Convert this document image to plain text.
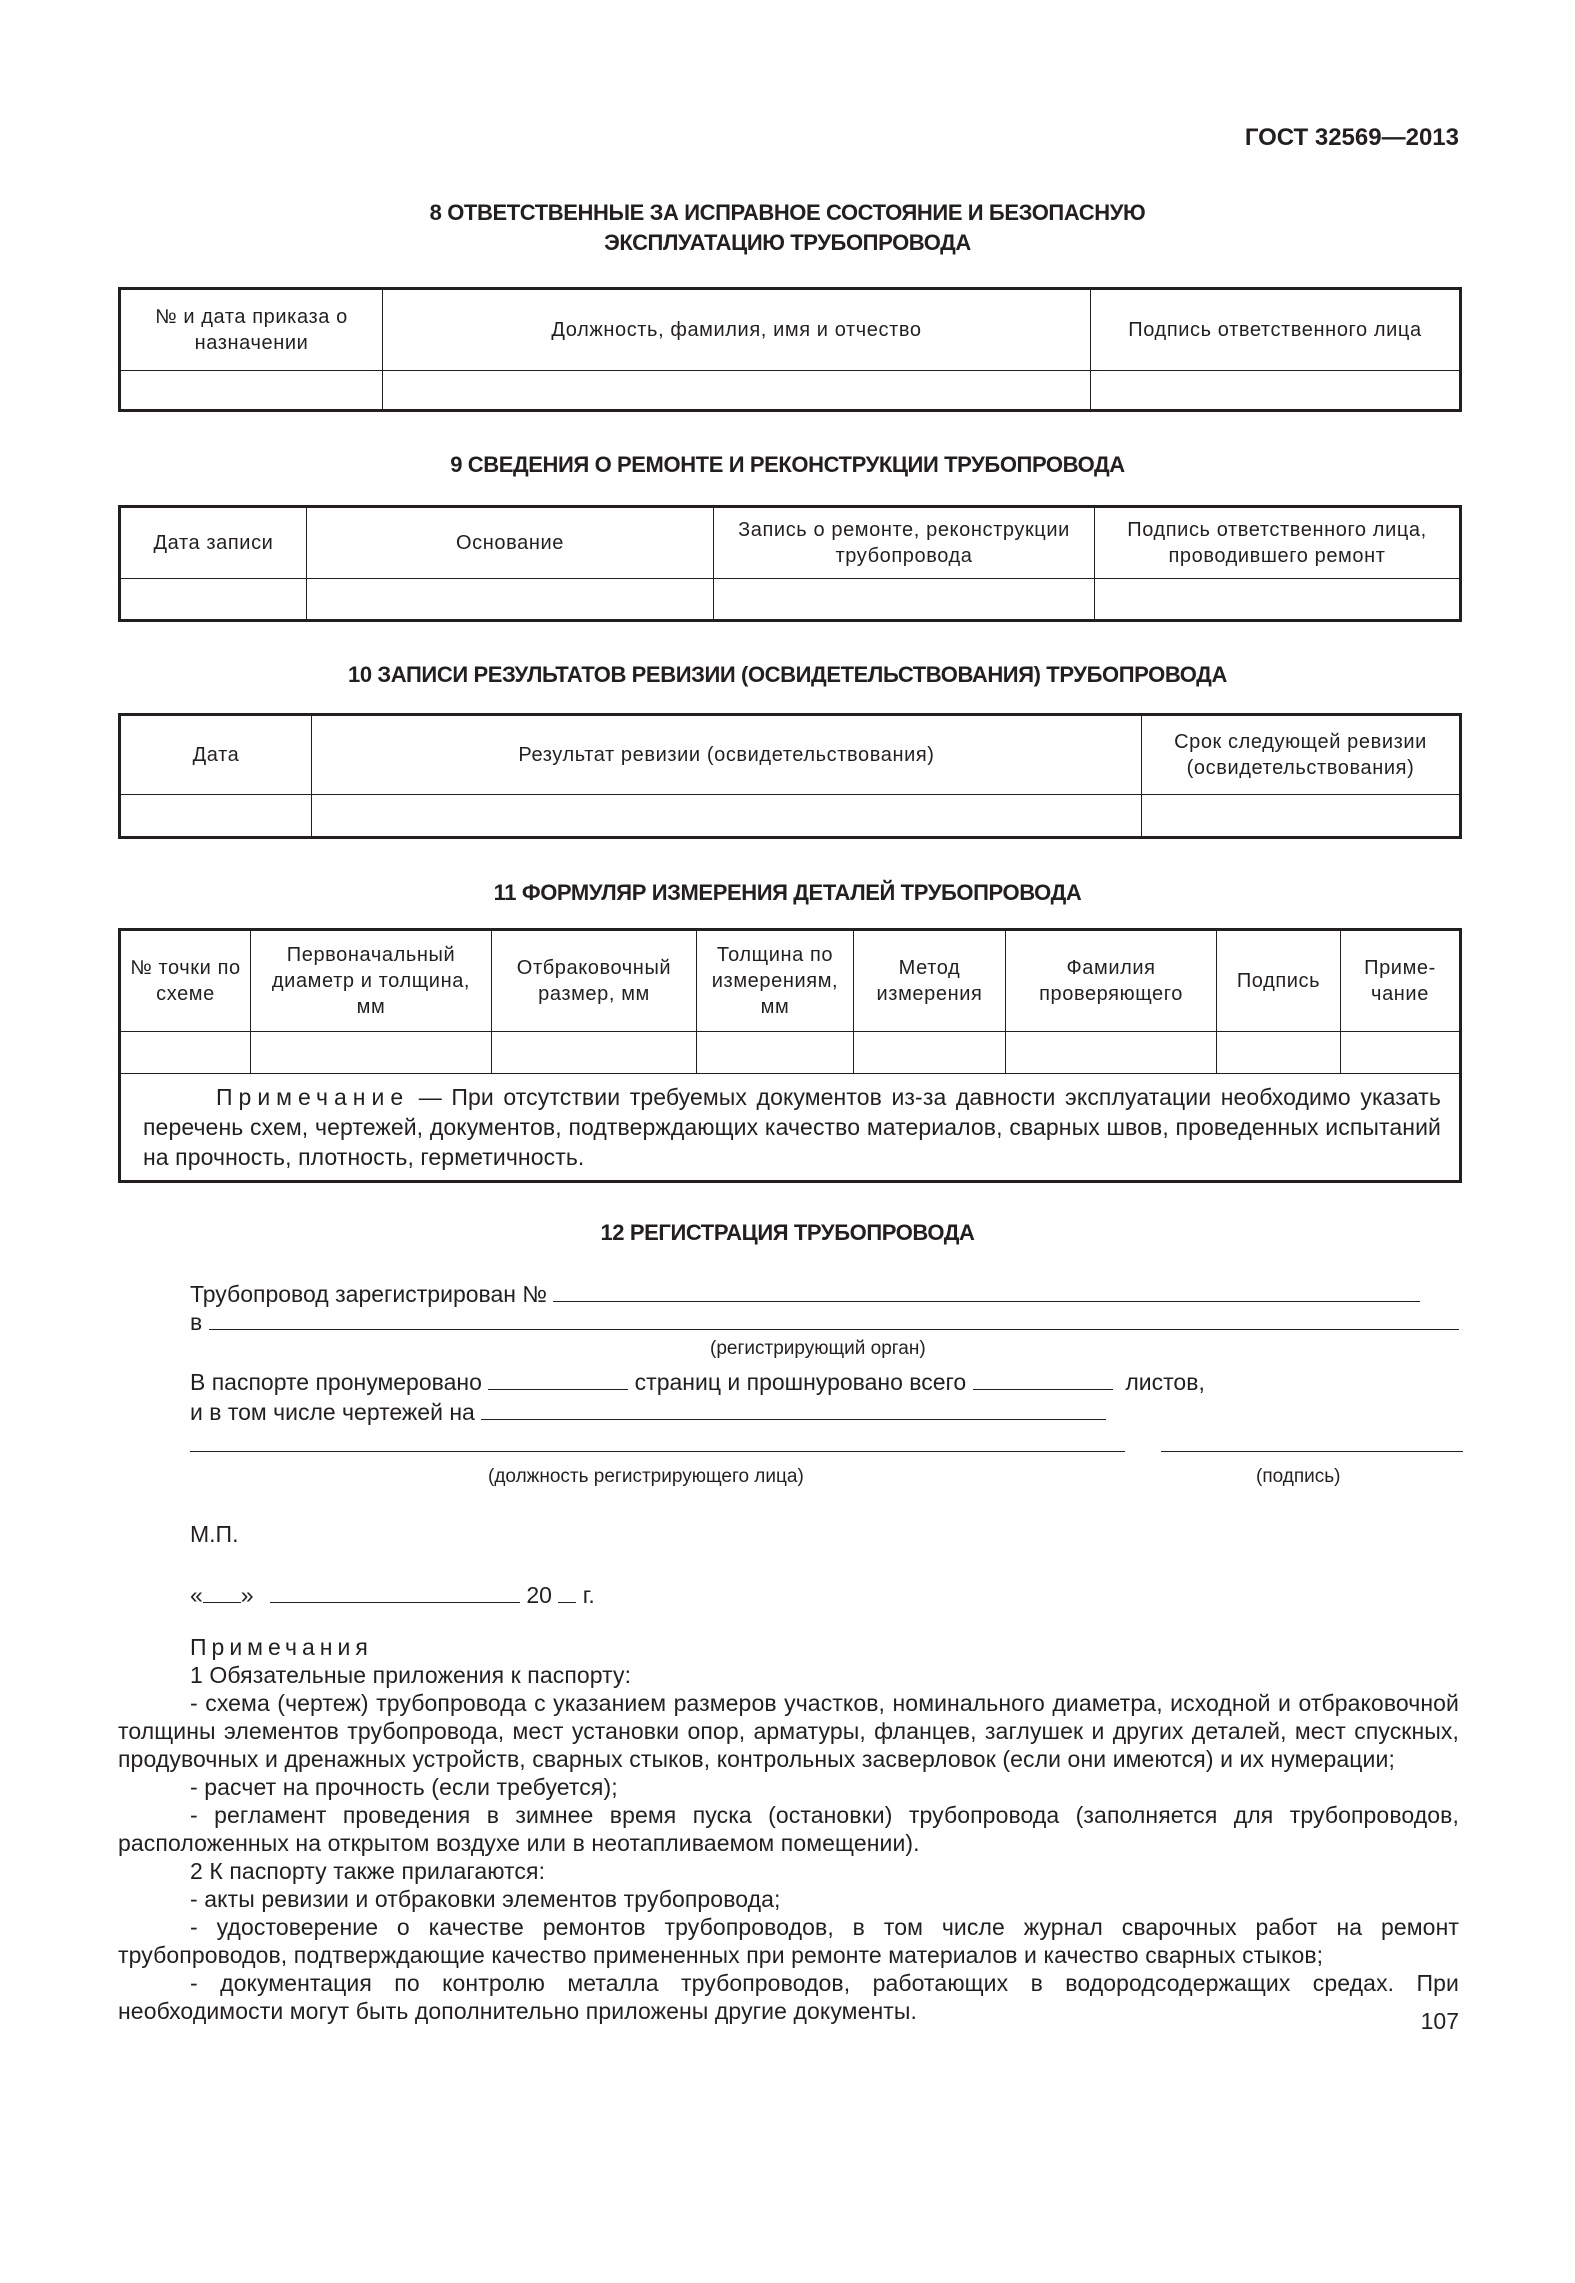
ГОСТ 32569—2013
8 ОТВЕТСТВЕННЫЕ ЗА ИСПРАВНОЕ СОСТОЯНИЕ И БЕЗОПАСНУЮ
ЭКСПЛУАТАЦИЮ ТРУБОПРОВОДА
№ и дата приказа о назначении	Должность, фамилия, имя и отчество	Подпись ответственного лица

9 СВЕДЕНИЯ О РЕМОНТЕ И РЕКОНСТРУКЦИИ ТРУБОПРОВОДА
Дата записи	Основание	Запись о ремонте, реконструкции трубопровода	Подпись ответственного лица, проводившего ремонт

10 ЗАПИСИ РЕЗУЛЬТАТОВ РЕВИЗИИ (ОСВИДЕТЕЛЬСТВОВАНИЯ) ТРУБОПРОВОДА
Дата	Результат ревизии (освидетельствования)	Срок следующей ревизии (освидетельствования)

11 ФОРМУЛЯР ИЗМЕРЕНИЯ ДЕТАЛЕЙ ТРУБОПРОВОДА
№ точки по схеме	Первоначальный диаметр и толщина, мм	Отбраковочный размер, мм	Толщина по измерениям, мм	Метод измерения	Фамилия проверяющего	Подпись	Приме-чание

Примечание — При отсутствии требуемых документов из-за давности эксплуатации необходимо указать перечень схем, чертежей, документов, подтверждающих качество материалов, сварных швов, проведенных испытаний на прочность, плотность, герметичность.							
12 РЕГИСТРАЦИЯ ТРУБОПРОВОДА
Трубопровод зарегистрирован №
в
(регистрирующий орган)
В паспорте пронумеровано	страниц и прошнуровано всего	листов,
и в том числе чертежей на

(должность регистрирующего лица)	(подпись)
М.П.
« »	20 г.

Примечания

1 Обязательные приложения к паспорту:

- схема (чертеж) трубопровода с указанием размеров участков, номинального диаметра, исходной и отбраковочной толщины элементов трубопровода, мест установки опор, арматуры, фланцев, заглушек и других деталей, мест спускных, продувочных и дренажных устройств, сварных стыков, контрольных засверловок (если они имеются) и их нумерации;

- расчет на прочность (если требуется);

- регламент проведения в зимнее время пуска (остановки) трубопровода (заполняется для трубопроводов, расположенных на открытом воздухе или в неотапливаемом помещении).

2 К паспорту также прилагаются:

- акты ревизии и отбраковки элементов трубопровода;

- удостоверение о качестве ремонтов трубопроводов, в том числе журнал сварочных работ на ремонт трубопроводов, подтверждающие качество примененных при ремонте материалов и качество сварных стыков;

- документация по контролю металла трубопроводов, работающих в водородсодержащих средах. При необходимости могут быть дополнительно приложены другие документы.	107
